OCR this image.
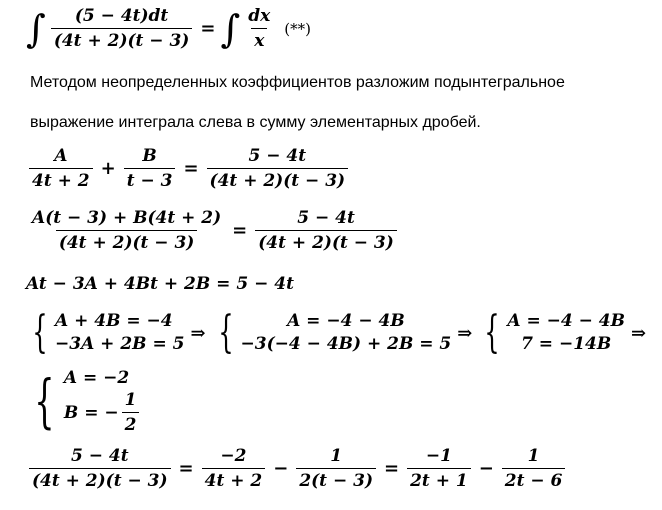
∫ $\frac{(5 - 4t)dt}{(4t + 2)(t - 3)}$ = ∫ $\frac{dx}{x}$ (**)
Методом неопределенных коэффициентов разложим подынтегральное
выражение интеграла слева в сумму элементарных дробей.
$\frac{A}{4t + 2} + \frac{B}{t - 3} = \frac{5 - 4t}{(4t + 2)(t - 3)}$
$\frac{A(t - 3) + B(4t + 2)}{(4t + 2)(t - 3)} = \frac{5 - 4t}{(4t + 2)(t - 3)}$
At − 3A + 4Bt + 2B = 5 − 4t
{ A + 4B = −4
−3A + 2B = 5
⇒ {	A = −4 − 4B
−3(−4 − 4B) + 2B = 5
⇒ { A = −4 − 4B
7 = −14B
⇒
{ A = −2
B = − $\frac{1}{2}$
$\frac{5 - 4t}{(4t + 2)(t - 3)} = \frac{-2}{4t + 2} - \frac{1}{2(t - 3)} = \frac{-1}{2t + 1} - \frac{1}{2t - 6}$
